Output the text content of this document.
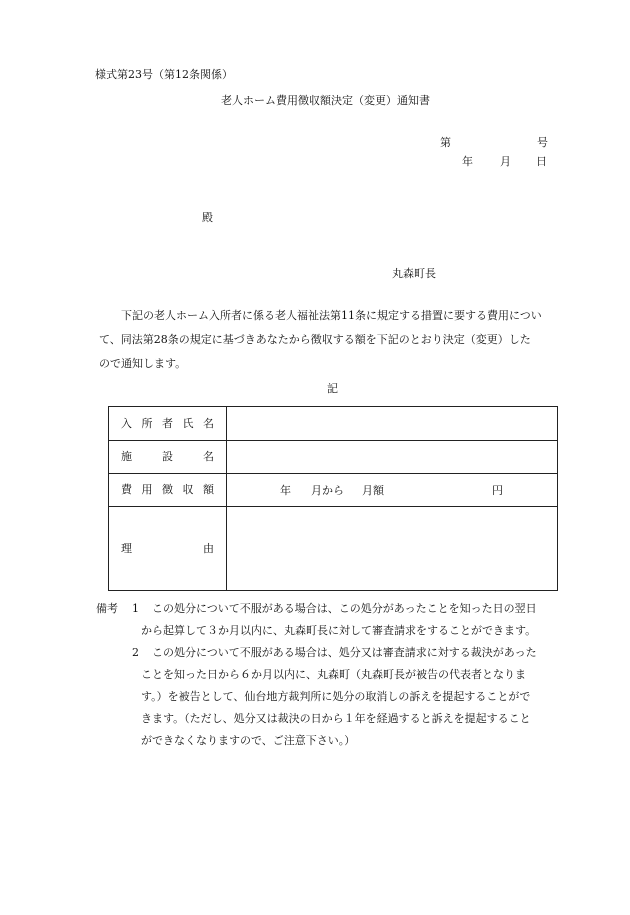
様式第23号（第12条関係）
老人ホーム費用徴収額決定（変更）通知書
第	号
年 月 日
殿
丸森町長
下記の老人ホーム入所者に係る老人福祉法第11条に規定する措置に要する費用につい
て、同法第28条の規定に基づきあなたから徴収する額を下記のとおり決定（変更）した
ので通知します。
記
入 所 者 氏 名	

施 設 名	

費 用 徴 収 額	年 月から 月額 円

理 由	

備考 1 この処分について不服がある場合は、この処分があったことを知った日の翌日
から起算して３か月以内に、丸森町長に対して審査請求をすることができます。
2 この処分について不服がある場合は、処分又は審査請求に対する裁決があった
ことを知った日から６か月以内に、丸森町（丸森町長が被告の代表者となりま
す。）を被告として、仙台地方裁判所に処分の取消しの訴えを提起することがで
きます。（ただし、処分又は裁決の日から１年を経過すると訴えを提起すること
ができなくなりますので、ご注意下さい。）
